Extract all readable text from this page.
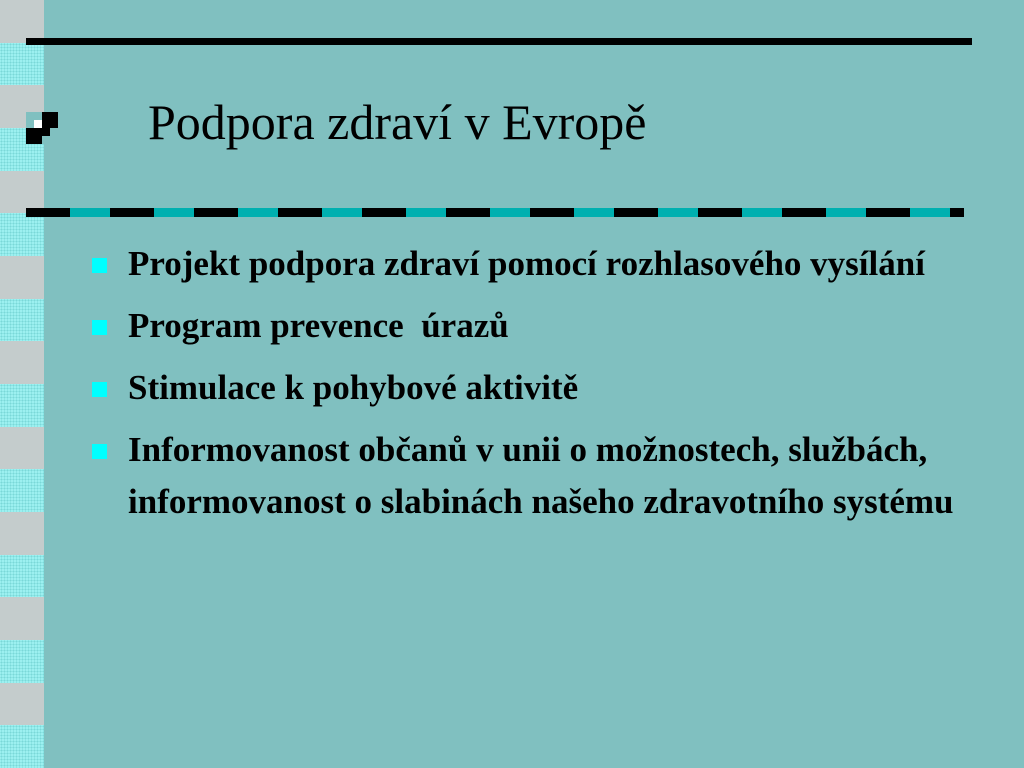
Podpora zdraví v Evropě
Projekt podpora zdraví pomocí rozhlasového vysílání
Program prevence  úrazů
Stimulace k pohybové aktivitě
Informovanost občanů v unii o možnostech, službách, informovanost o slabinách našeho zdravotního systému
